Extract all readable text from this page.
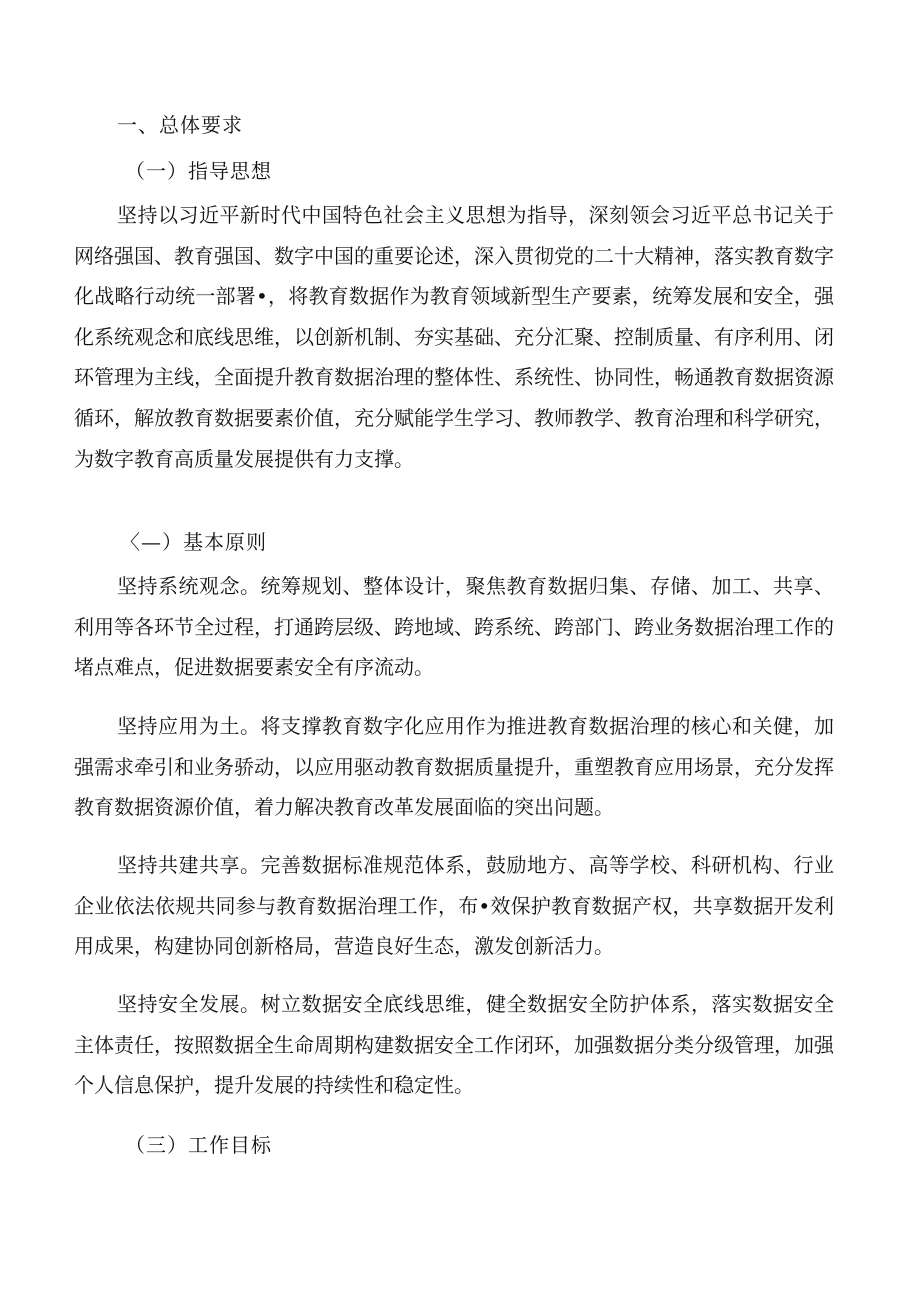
一、总体要求
（一）指导思想

坚持以习近平新时代中国特色社会主义思想为指导，深刻领会习近平总书记关于网络强国、教育强国、数字中国的重要论述，深入贯彻党的二十大精神，落实教育数字化战略行动统一部署•，将教育数据作为教育领域新型生产要素，统筹发展和安全，强化系统观念和底线思维，以创新机制、夯实基础、充分汇聚、控制质量、有序利用、闭环管理为主线，全面提升教育数据治理的整体性、系统性、协同性，畅通教育数据资源循环，解放教育数据要素价值，充分赋能学生学习、教师教学、教育治理和科学研究，为数字教育高质量发展提供有力支撑。

〈—）基本原则

坚持系统观念。统筹规划、整体设计，聚焦教育数据归集、存储、加工、共享、利用等各环节全过程，打通跨层级、跨地域、跨系统、跨部门、跨业务数据治理工作的堵点难点，促进数据要素安全有序流动。

坚持应用为土。将支撑教育数字化应用作为推进教育数据治理的核心和关健，加强需求牵引和业务骄动，以应用驱动教育数据质量提升，重塑教育应用场景，充分发挥教育数据资源价值，着力解决教育改革发展面临的突出问题。

坚持共建共享。完善数据标准规范体系，鼓励地方、高等学校、科研机构、行业企业依法依规共同参与教育数据治理工作，布•效保护教育数据产权，共享数据开发利用成果，构建协同创新格局，营造良好生态，激发创新活力。

坚持安全发展。树立数据安全底线思维，健全数据安全防护体系，落实数据安全主体责任，按照数据全生命周期构建数据安全工作闭环，加强数据分类分级管理，加强个人信息保护，提升发展的持续性和稳定性。

（三）工作目标
